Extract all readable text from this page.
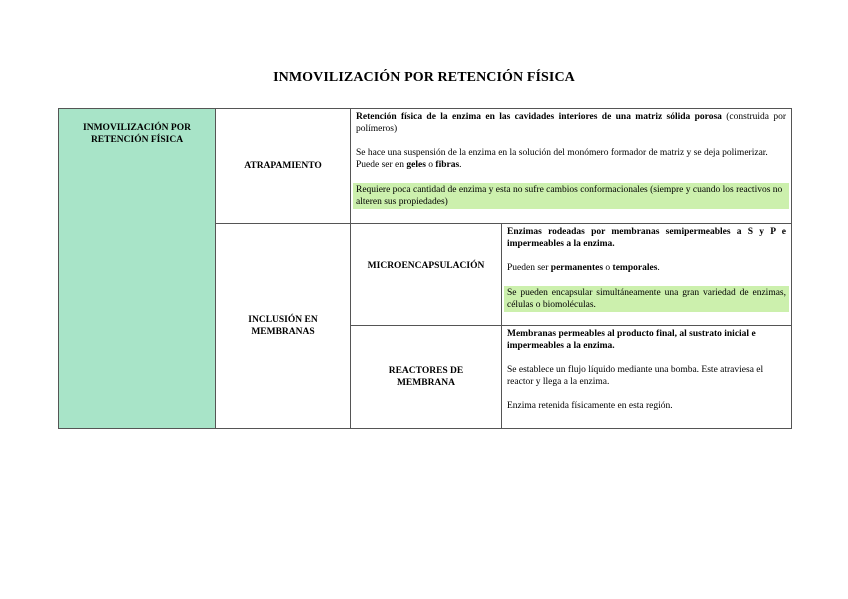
INMOVILIZACIÓN POR RETENCIÓN FÍSICA
INMOVILIZACIÓN POR RETENCIÓN FÍSICA	ATRAPAMIENTO	Retención física de la enzima en las cavidades interiores de una matriz sólida porosa (construida por polímeros)

Se hace una suspensión de la enzima en la solución del monómero formador de matriz y se deja polimerizar. Puede ser en geles o fibras.

Requiere poca cantidad de enzima y esta no sufre cambios conformacionales (siempre y cuando los reactivos no alteren sus propiedades)	

	INCLUSIÓN EN MEMBRANAS	MICROENCAPSULACIÓN	Enzimas rodeadas por membranas semipermeables a S y P e impermeables a la enzima.

Pueden ser permanentes o temporales.

Se pueden encapsular simultáneamente una gran variedad de enzimas, células o biomoléculas.

		REACTORES DE MEMBRANA	Membranas permeables al producto final, al sustrato inicial e impermeables a la enzima.

Se establece un flujo líquido mediante una bomba. Este atraviesa el reactor y llega a la enzima.

Enzima retenida físicamente en esta región.
